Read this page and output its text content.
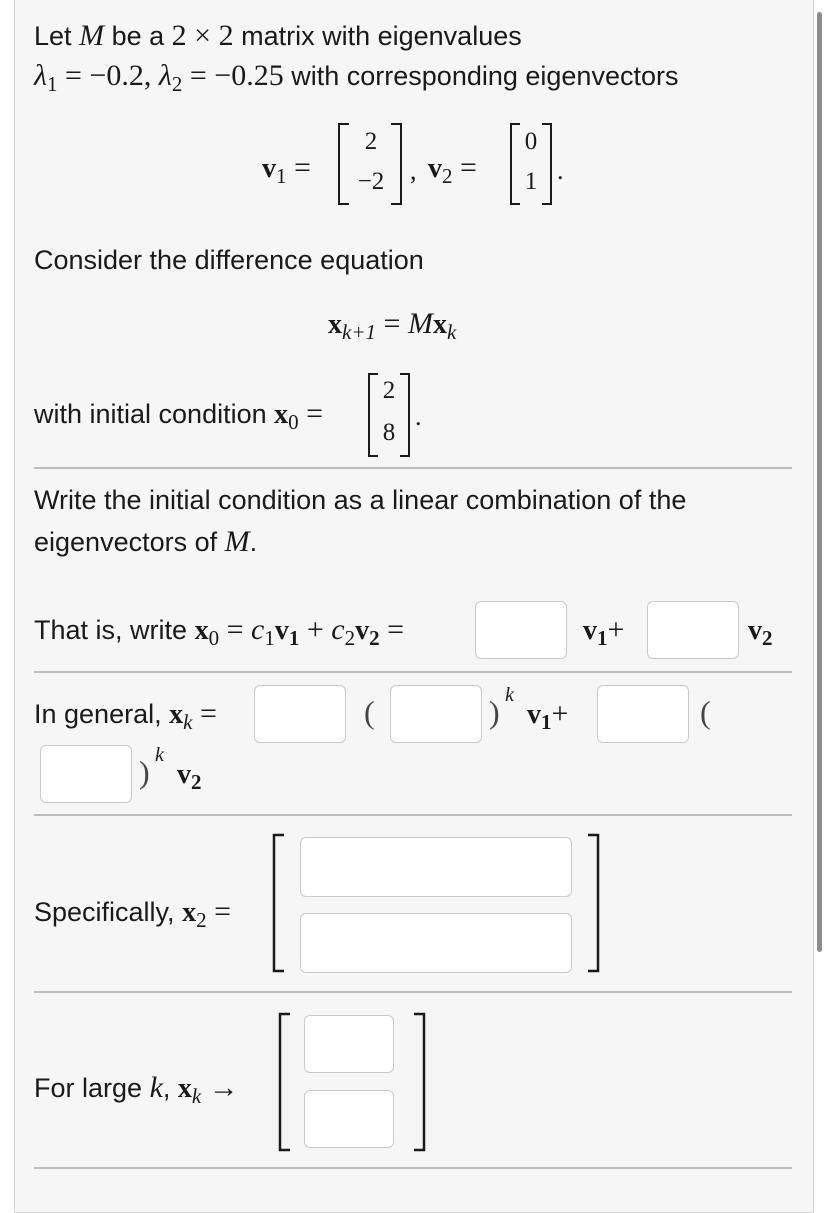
Let M be a 2 × 2 matrix with eigenvalues
$\lambda_1 = -0.2$, $\lambda_2 = -0.25$ with corresponding eigenvectors
$v_1$ =
2
−2 , $v_2$ =
0
1 .
Consider the difference equation
$x_{k+1} = Mx_k$
with initial condition $x_0$ =
2
8
.
Write the initial condition as a linear combination of the
eigenvectors of M.
That is, write $x_0 = c_1v_1 + c_2v_2$ =	$v_1+$	$v_2$
In general, $x_k$ =	(	) k
$v_1+$	(
) k
$v_2$
Specifically, $x_2$ =
For large k, $x_k$ →
